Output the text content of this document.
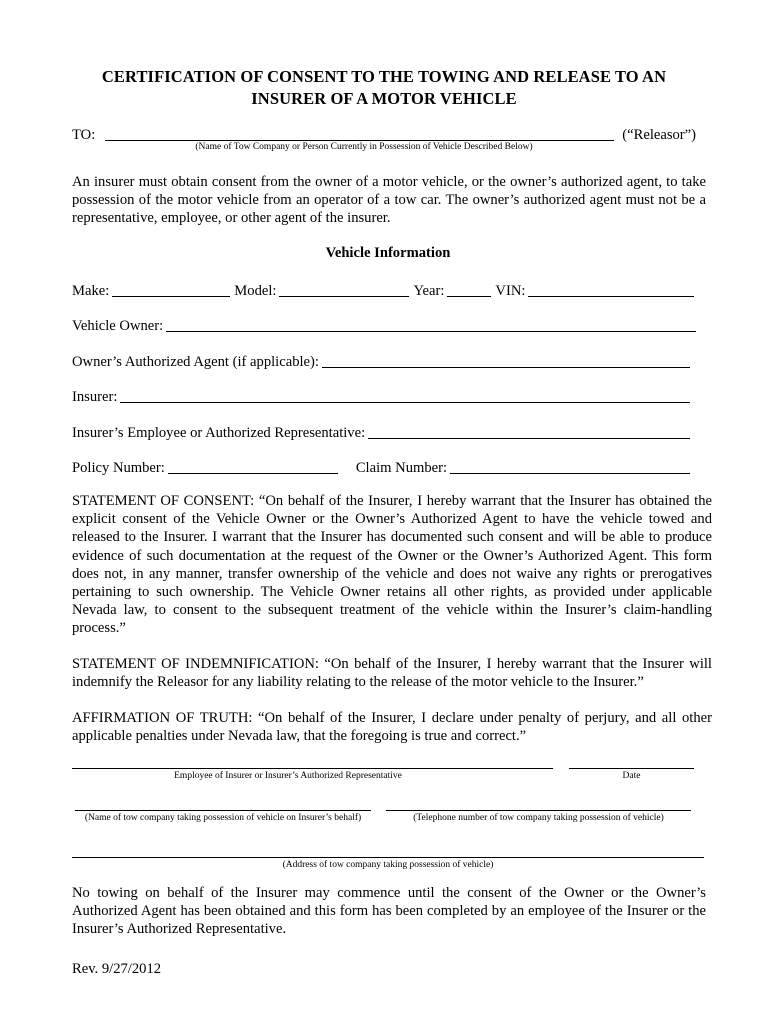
CERTIFICATION OF CONSENT TO THE TOWING AND RELEASE TO AN
INSURER OF A MOTOR VEHICLE
TO:	(“Releasor”)
(Name of Tow Company or Person Currently in Possession of Vehicle Described Below)
An insurer must obtain consent from the owner of a motor vehicle, or the owner’s authorized agent, to take possession of the motor vehicle from an operator of a tow car. The owner’s authorized agent must not be a representative, employee, or other agent of the insurer.
Vehicle Information
Make:	Model:	Year:	VIN:
Vehicle Owner:
Owner’s Authorized Agent (if applicable):
Insurer:
Insurer’s Employee or Authorized Representative:
Policy Number:	Claim Number:
STATEMENT OF CONSENT: “On behalf of the Insurer, I hereby warrant that the Insurer has obtained the explicit consent of the Vehicle Owner or the Owner’s Authorized Agent to have the vehicle towed and released to the Insurer. I warrant that the Insurer has documented such consent and will be able to produce evidence of such documentation at the request of the Owner or the Owner’s Authorized Agent. This form does not, in any manner, transfer ownership of the vehicle and does not waive any rights or prerogatives pertaining to such ownership. The Vehicle Owner retains all other rights, as provided under applicable Nevada law, to consent to the subsequent treatment of the vehicle within the Insurer’s claim-handling process.”
STATEMENT OF INDEMNIFICATION: “On behalf of the Insurer, I hereby warrant that the Insurer will indemnify the Releasor for any liability relating to the release of the motor vehicle to the Insurer.”
AFFIRMATION OF TRUTH: “On behalf of the Insurer, I declare under penalty of perjury, and all other applicable penalties under Nevada law, that the foregoing is true and correct.”
Employee of Insurer or Insurer’s Authorized Representative	Date
(Name of tow company taking possession of vehicle on Insurer’s behalf)	(Telephone number of tow company taking possession of vehicle)
(Address of tow company taking possession of vehicle)
No towing on behalf of the Insurer may commence until the consent of the Owner or the Owner’s Authorized Agent has been obtained and this form has been completed by an employee of the Insurer or the Insurer’s Authorized Representative.
Rev. 9/27/2012
